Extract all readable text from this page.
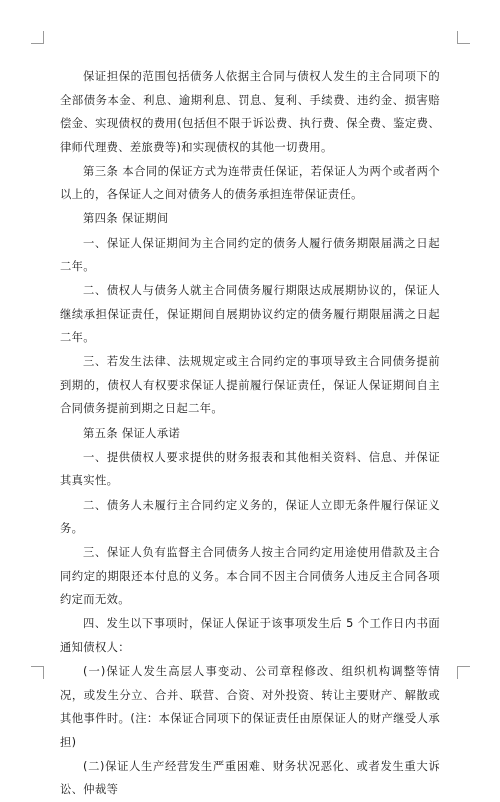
保证担保的范围包括债务人依据主合同与债权人发生的主合同项下的全部债务本金、利息、逾期利息、罚息、复利、手续费、违约金、损害赔偿金、实现债权的费用(包括但不限于诉讼费、执行费、保全费、鉴定费、律师代理费、差旅费等)和实现债权的其他一切费用。

第三条 本合同的保证方式为连带责任保证，若保证人为两个或者两个以上的，各保证人之间对债务人的债务承担连带保证责任。

第四条 保证期间

一、保证人保证期间为主合同约定的债务人履行债务期限届满之日起二年。

二、债权人与债务人就主合同债务履行期限达成展期协议的，保证人继续承担保证责任，保证期间自展期协议约定的债务履行期限届满之日起二年。

三、若发生法律、法规规定或主合同约定的事项导致主合同债务提前到期的，债权人有权要求保证人提前履行保证责任，保证人保证期间自主合同债务提前到期之日起二年。

第五条 保证人承诺

一、提供债权人要求提供的财务报表和其他相关资料、信息、并保证其真实性。

二、债务人未履行主合同约定义务的，保证人立即无条件履行保证义务。

三、保证人负有监督主合同债务人按主合同约定用途使用借款及主合同约定的期限还本付息的义务。本合同不因主合同债务人违反主合同各项约定而无效。

四、发生以下事项时，保证人保证于该事项发生后 5 个工作日内书面通知债权人：

(一)保证人发生高层人事变动、公司章程修改、组织机构调整等情况，或发生分立、合并、联营、合资、对外投资、转让主要财产、解散或其他事件时。(注：本保证合同项下的保证责任由原保证人的财产继受人承担)

(二)保证人生产经营发生严重困难、财务状况恶化、或者发生重大诉讼、仲裁等
